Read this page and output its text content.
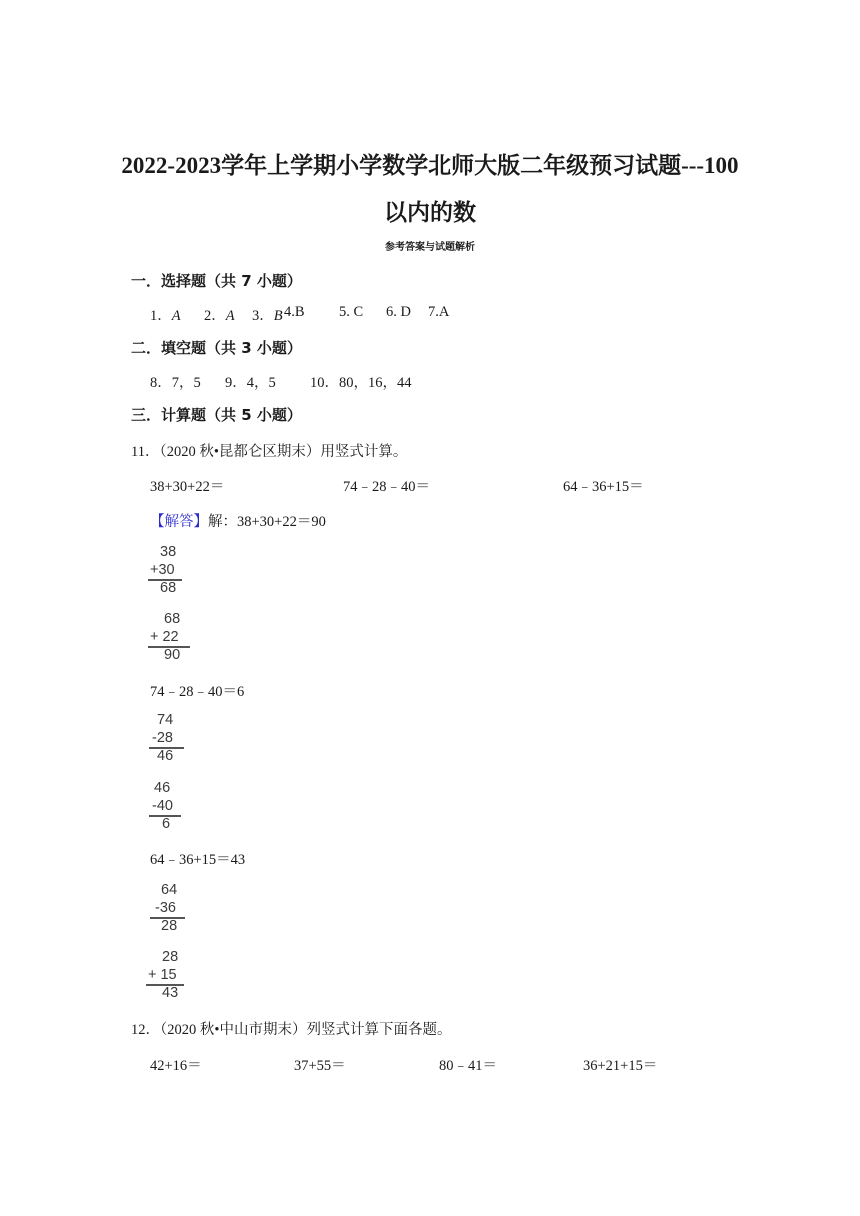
2022-2023学年上学期小学数学北师大版二年级预习试题---100
以内的数
参考答案与试题解析
一．选择题（共 7 小题）
1．A 2．A 3．B 4.B 5. C 6. D 7.A
二．填空题（共 3 小题）
8．7，5 9．4，5 10．80，16，44
三．计算题（共 5 小题）
11．（2020 秋•昆都仑区期末）用竖式计算。
38+30+22＝	74﹣28﹣40＝	64﹣36+15＝
【解答】解：38+30+22＝90
38
+30
68
68
+ 22
90
74﹣28﹣40＝6
74
-28
46
46
-40
6
64﹣36+15＝43
64
-36
28
28
+ 15
43
12．（2020 秋•中山市期末）列竖式计算下面各题。
42+16＝	37+55＝	80﹣41＝	36+21+15＝
